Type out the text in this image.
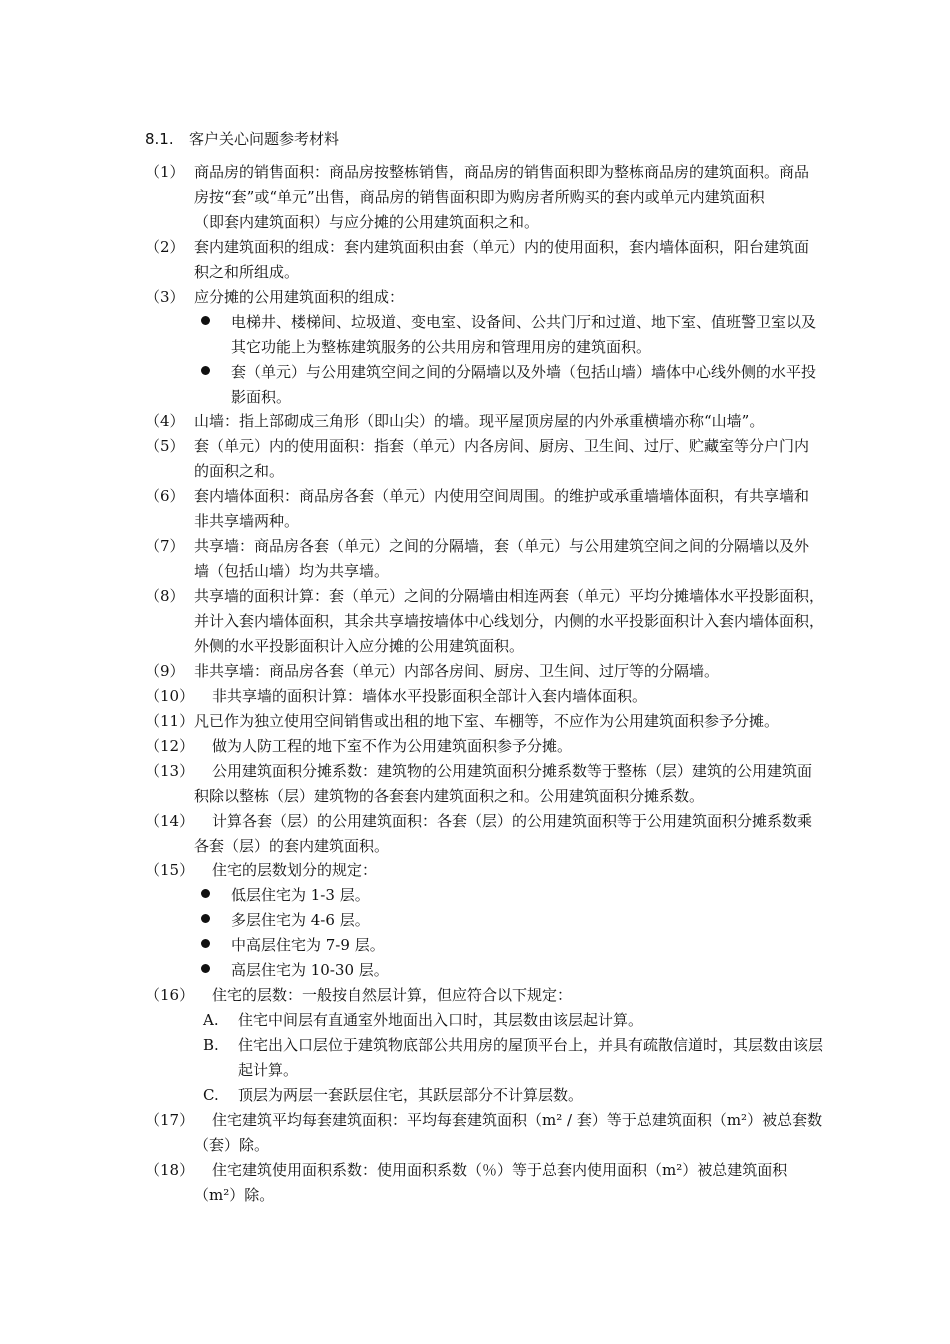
8.1. 客户关心问题参考材料
（1） 商品房的销售面积：商品房按整栋销售，商品房的销售面积即为整栋商品房的建筑面积。商品
房按“套”或“单元”出售，商品房的销售面积即为购房者所购买的套内或单元内建筑面积
（即套内建筑面积）与应分摊的公用建筑面积之和。
（2） 套内建筑面积的组成：套内建筑面积由套（单元）内的使用面积，套内墙体面积，阳台建筑面
积之和所组成。
（3） 应分摊的公用建筑面积的组成：
电梯井、楼梯间、垃圾道、变电室、设备间、公共门厅和过道、地下室、值班警卫室以及
其它功能上为整栋建筑服务的公共用房和管理用房的建筑面积。
套（单元）与公用建筑空间之间的分隔墙以及外墙（包括山墙）墙体中心线外侧的水平投
影面积。
（4） 山墙：指上部砌成三角形（即山尖）的墙。现平屋顶房屋的内外承重横墙亦称“山墙”。
（5） 套（单元）内的使用面积：指套（单元）内各房间、厨房、卫生间、过厅、贮藏室等分户门内
的面积之和。
（6） 套内墙体面积：商品房各套（单元）内使用空间周围。的维护或承重墙墙体面积，有共享墙和
非共享墙两种。
（7） 共享墙：商品房各套（单元）之间的分隔墙，套（单元）与公用建筑空间之间的分隔墙以及外
墙（包括山墙）均为共享墙。
（8） 共享墙的面积计算：套（单元）之间的分隔墙由相连两套（单元）平均分摊墙体水平投影面积，
并计入套内墙体面积，其余共享墙按墙体中心线划分，内侧的水平投影面积计入套内墙体面积，
外侧的水平投影面积计入应分摊的公用建筑面积。
（9） 非共享墙：商品房各套（单元）内部各房间、厨房、卫生间、过厅等的分隔墙。
（10） 非共享墙的面积计算：墙体水平投影面积全部计入套内墙体面积。
（11） 凡已作为独立使用空间销售或出租的地下室、车棚等，不应作为公用建筑面积参予分摊。
（12） 做为人防工程的地下室不作为公用建筑面积参予分摊。
（13） 公用建筑面积分摊系数：建筑物的公用建筑面积分摊系数等于整栋（层）建筑的公用建筑面
积除以整栋（层）建筑物的各套套内建筑面积之和。公用建筑面积分摊系数。
（14） 计算各套（层）的公用建筑面积：各套（层）的公用建筑面积等于公用建筑面积分摊系数乘
各套（层）的套内建筑面积。
（15） 住宅的层数划分的规定：
低层住宅为 1-3 层。
多层住宅为 4-6 层。
中高层住宅为 7-9 层。
高层住宅为 10-30 层。
（16） 住宅的层数：一般按自然层计算，但应符合以下规定：
A. 住宅中间层有直通室外地面出入口时，其层数由该层起计算。
B. 住宅出入口层位于建筑物底部公共用房的屋顶平台上，并具有疏散信道时，其层数由该层
起计算。
C. 顶层为两层一套跃层住宅，其跃层部分不计算层数。
（17） 住宅建筑平均每套建筑面积：平均每套建筑面积（m² / 套）等于总建筑面积（m²）被总套数
（套）除。
（18） 住宅建筑使用面积系数：使用面积系数（％）等于总套内使用面积（m²）被总建筑面积
（m²）除。
